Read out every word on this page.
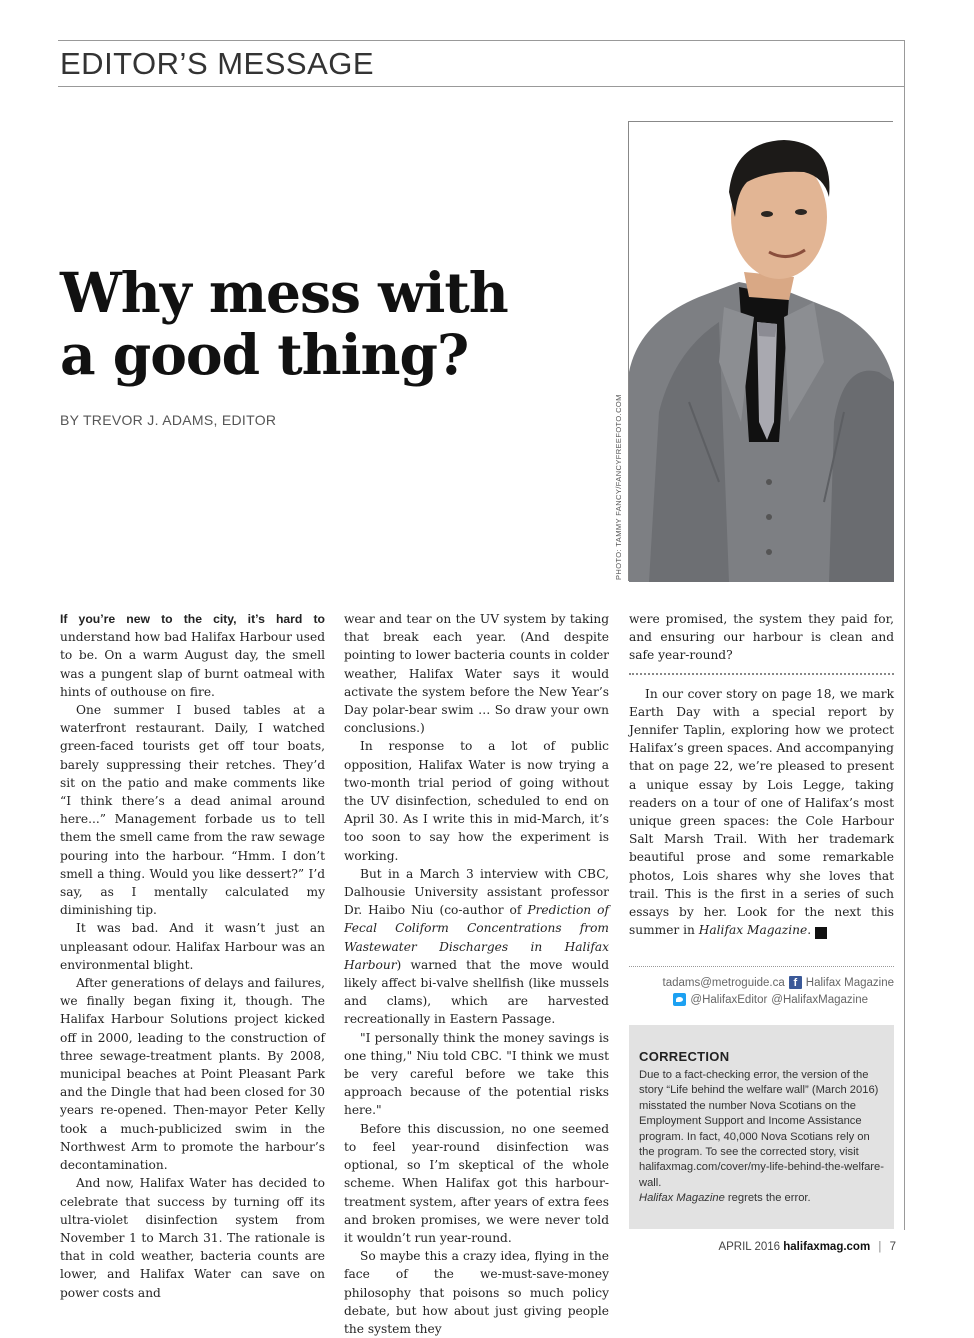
EDITOR’S MESSAGE
Why mess with
a good thing?
BY TREVOR J. ADAMS, EDITOR	PHOTO: TAMMY FANCY/FANCYFREEFOTO.COM

If you’re new to the city, it’s hard to understand how bad Halifax Harbour used to be. On a warm August day, the smell was a pungent slap of burnt oatmeal with hints of outhouse on fire.

One summer I bused tables at a waterfront restaurant. Daily, I watched green-faced tourists get off tour boats, barely suppressing their retches. They’d sit on the patio and make comments like “I think there’s a dead animal around here...” Management forbade us to tell them the smell came from the raw sewage pouring into the harbour. “Hmm. I don’t smell a thing. Would you like dessert?” I’d say, as I mentally calculated my diminishing tip.

It was bad. And it wasn’t just an unpleasant odour. Halifax Harbour was an environmental blight.

After generations of delays and failures, we finally began fixing it, though. The Halifax Harbour Solutions project kicked off in 2000, leading to the construction of three sewage-treatment plants. By 2008, municipal beaches at Point Pleasant Park and the Dingle that had been closed for 30 years re-opened. Then-mayor Peter Kelly took a much-publicized swim in the Northwest Arm to promote the harbour’s decontamination.

And now, Halifax Water has decided to celebrate that success by turning off its ultra-violet disinfection system from November 1 to March 31. The rationale is that in cold weather, bacteria counts are lower, and Halifax Water can save on power costs and

wear and tear on the UV system by taking that break each year. (And despite pointing to lower bacteria counts in colder weather, Halifax Water says it would activate the system before the New Year’s Day polar-bear swim … So draw your own conclusions.)

In response to a lot of public opposition, Halifax Water is now trying a two-month trial period of going without the UV disinfection, scheduled to end on April 30. As I write this in mid-March, it’s too soon to say how the experiment is working.

But in a March 3 interview with CBC, Dalhousie University assistant professor Dr. Haibo Niu (co-author of Prediction of Fecal Coliform Concentrations from Wastewater Discharges in Halifax Harbour) warned that the move would likely affect bi-valve shellfish (like mussels and clams), which are harvested recreationally in Eastern Passage.

"I personally think the money savings is one thing," Niu told CBC. "I think we must be very careful before we take this approach because of the potential risks here."

Before this discussion, no one seemed to feel year-round disinfection was optional, so I’m skeptical of the whole scheme. When Halifax got this harbour-treatment system, after years of extra fees and broken promises, we were never told it wouldn’t run year-round.

So maybe this a crazy idea, flying in the face of the we-must-save-money philosophy that poisons so much policy debate, but how about just giving people the system they

were promised, the system they paid for, and ensuring our harbour is clean and safe year-round?

In our cover story on page 18, we mark Earth Day with a special report by Jennifer Taplin, exploring how we protect Halifax’s green spaces. And accompanying that on page 22, we’re pleased to present a unique essay by Lois Legge, taking readers on a tour of one of Halifax’s most unique green spaces: the Cole Harbour Salt Marsh Trail. With her trademark beautiful prose and some remarkable photos, Lois shares why she loves that trail. This is the first in a series of such essays by her. Look for the next this summer in Halifax Magazine. H

tadams@metroguide.ca f Halifax Magazine
@HalifaxEditor @HalifaxMagazine
CORRECTION

Due to a fact-checking error, the version of the story “Life behind the welfare wall” (March 2016) misstated the number Nova Scotians on the Employment Support and Income Assistance program. In fact, 40,000 Nova Scotians rely on the program. To see the corrected story, visit halifaxmag.com/cover/my-life-behind-the-welfare-wall.
Halifax Magazine regrets the error.

APRIL 2016 halifaxmag.com | 7
